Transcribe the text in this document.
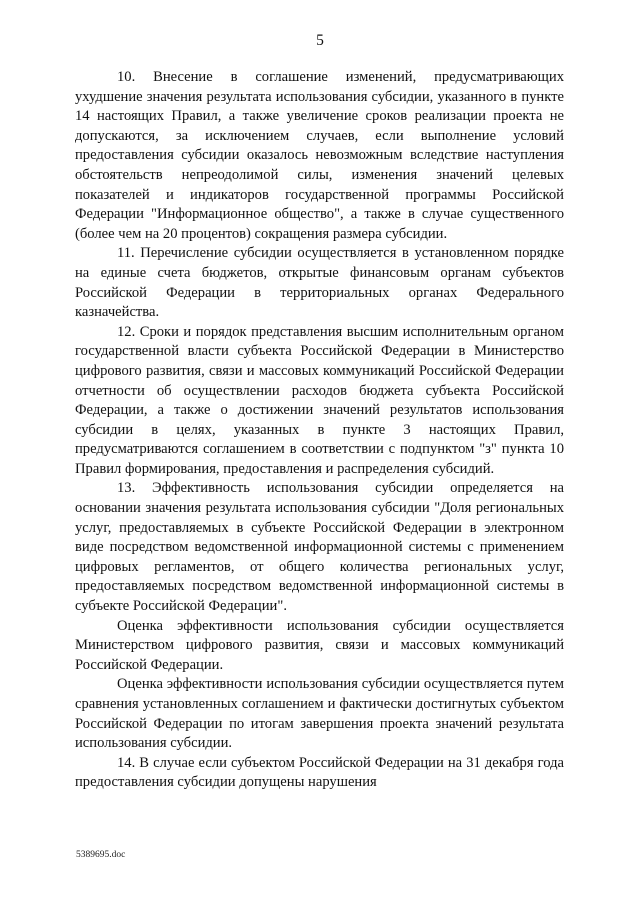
5

10. Внесение в соглашение изменений, предусматривающих ухудшение значения результата использования субсидии, указанного в пункте 14 настоящих Правил, а также увеличение сроков реализации проекта не допускаются, за исключением случаев, если выполнение условий предоставления субсидии оказалось невозможным вследствие наступления обстоятельств непреодолимой силы, изменения значений целевых показателей и индикаторов государственной программы Российской Федерации "Информационное общество", а также в случае существенного (более чем на 20 процентов) сокращения размера субсидии.

11. Перечисление субсидии осуществляется в установленном порядке на единые счета бюджетов, открытые финансовым органам субъектов Российской Федерации в территориальных органах Федерального казначейства.

12. Сроки и порядок представления высшим исполнительным органом государственной власти субъекта Российской Федерации в Министерство цифрового развития, связи и массовых коммуникаций Российской Федерации отчетности об осуществлении расходов бюджета субъекта Российской Федерации, а также о достижении значений результатов использования субсидии в целях, указанных в пункте 3 настоящих Правил, предусматриваются соглашением в соответствии с подпунктом "з" пункта 10 Правил формирования, предоставления и распределения субсидий.

13. Эффективность использования субсидии определяется на основании значения результата использования субсидии "Доля региональных услуг, предоставляемых в субъекте Российской Федерации в электронном виде посредством ведомственной информационной системы с применением цифровых регламентов, от общего количества региональных услуг, предоставляемых посредством ведомственной информационной системы в субъекте Российской Федерации".

Оценка эффективности использования субсидии осуществляется Министерством цифрового развития, связи и массовых коммуникаций Российской Федерации.

Оценка эффективности использования субсидии осуществляется путем сравнения установленных соглашением и фактически достигнутых субъектом Российской Федерации по итогам завершения проекта значений результата использования субсидии.

14. В случае если субъектом Российской Федерации на 31 декабря года предоставления субсидии допущены нарушения

5389695.doc
